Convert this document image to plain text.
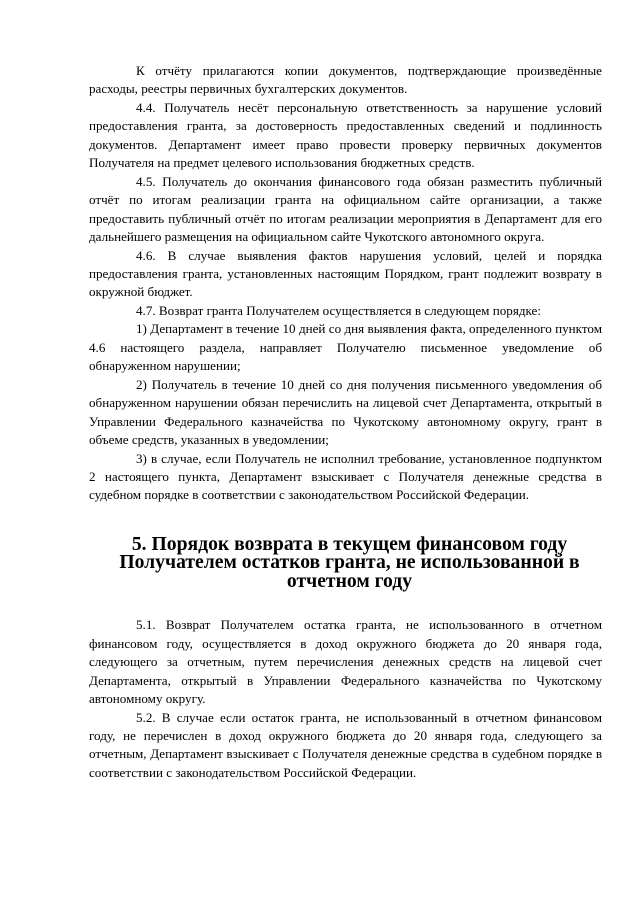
К отчёту прилагаются копии документов, подтверждающие произведённые расходы, реестры первичных бухгалтерских документов.

4.4. Получатель несёт персональную ответственность за нарушение условий предоставления гранта, за достоверность предоставленных сведений и подлинность документов. Департамент имеет право провести проверку первичных документов Получателя на предмет целевого использования бюджетных средств.

4.5. Получатель до окончания финансового года обязан разместить публичный отчёт по итогам реализации гранта на официальном сайте организации, а также предоставить публичный отчёт по итогам реализации мероприятия в Департамент для его дальнейшего размещения на официальном сайте Чукотского автономного округа.

4.6. В случае выявления фактов нарушения условий, целей и порядка предоставления гранта, установленных настоящим Порядком, грант подлежит возврату в окружной бюджет.

4.7. Возврат гранта Получателем осуществляется в следующем порядке:

1) Департамент в течение 10 дней со дня выявления факта, определенного пунктом 4.6 настоящего раздела, направляет Получателю письменное уведомление об обнаруженном нарушении;

2) Получатель в течение 10 дней со дня получения письменного уведомления об обнаруженном нарушении обязан перечислить на лицевой счет Департамента, открытый в Управлении Федерального казначейства по Чукотскому автономному округу, грант в объеме средств, указанных в уведомлении;

3) в случае, если Получатель не исполнил требование, установленное подпунктом 2 настоящего пункта, Департамент взыскивает с Получателя денежные средства в судебном порядке в соответствии с законодательством Российской Федерации.

5. Порядок возврата в текущем финансовом году Получателем остатков гранта, не использованной в отчетном году

5.1. Возврат Получателем остатка гранта, не использованного в отчетном финансовом году, осуществляется в доход окружного бюджета до 20 января года, следующего за отчетным, путем перечисления денежных средств на лицевой счет Департамента, открытый в Управлении Федерального казначейства по Чукотскому автономному округу.

5.2. В случае если остаток гранта, не использованный в отчетном финансовом году, не перечислен в доход окружного бюджета до 20 января года, следующего за отчетным, Департамент взыскивает с Получателя денежные средства в судебном порядке в соответствии с законодательством Российской Федерации.
